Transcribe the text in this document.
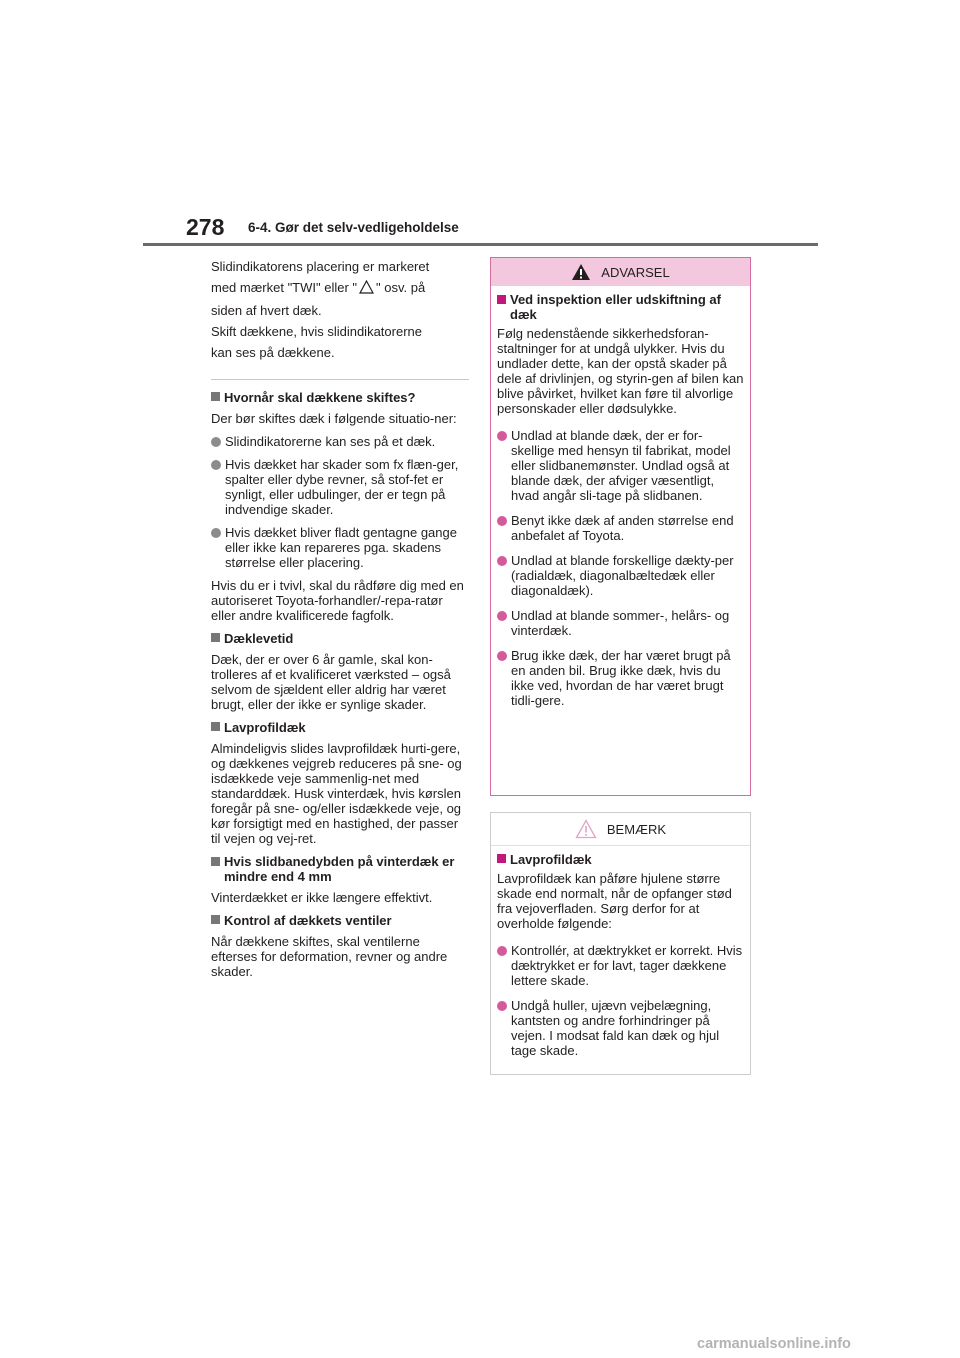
278 6-4. Gør det selv-vedligeholdelse

Slidindikatorens placering er markeret

med mærket "TWI" eller " " osv. på

siden af hvert dæk.

Skift dækkene, hvis slidindikatorerne

kan ses på dækkene.

Hvornår skal dækkene skiftes?

Der bør skiftes dæk i følgende situatio-ner:

Slidindikatorerne kan ses på et dæk.
Hvis dækket har skader som fx flæn-ger, spalter eller dybe revner, så stof-fet er synligt, eller udbulinger, der er tegn på indvendige skader.
Hvis dækket bliver fladt gentagne gange eller ikke kan repareres pga. skadens størrelse eller placering.

Hvis du er i tvivl, skal du rådføre dig med en autoriseret Toyota-forhandler/-repa-ratør eller andre kvalificerede fagfolk.

Dæklevetid

Dæk, der er over 6 år gamle, skal kon-trolleres af et kvalificeret værksted – også selvom de sjældent eller aldrig har været brugt, eller der ikke er synlige skader.

Lavprofildæk

Almindeligvis slides lavprofildæk hurti-gere, og dækkenes vejgreb reduceres på sne- og isdækkede veje sammenlig-net med standarddæk. Husk vinterdæk, hvis kørslen foregår på sne- og/eller isdækkede veje, og kør forsigtigt med en hastighed, der passer til vejen og vej-ret.

Hvis slidbanedybden på vinterdæk er mindre end 4 mm

Vinterdækket er ikke længere effektivt.

Kontrol af dækkets ventiler

Når dækkene skiftes, skal ventilerne efterses for deformation, revner og andre skader.

ADVARSEL
Ved inspektion eller udskiftning af dæk

Følg nedenstående sikkerhedsforan-staltninger for at undgå ulykker. Hvis du undlader dette, kan der opstå skader på dele af drivlinjen, og styrin-gen af bilen kan blive påvirket, hvilket kan føre til alvorlige personskader eller dødsulykke.

Undlad at blande dæk, der er for-skellige med hensyn til fabrikat, model eller slidbanemønster. Undlad også at blande dæk, der afviger væsentligt, hvad angår sli-tage på slidbanen.
Benyt ikke dæk af anden størrelse end anbefalet af Toyota.
Undlad at blande forskellige dækty-per (radialdæk, diagonalbæltedæk eller diagonaldæk).
Undlad at blande sommer-, helårs- og vinterdæk.
Brug ikke dæk, der har været brugt på en anden bil. Brug ikke dæk, hvis du ikke ved, hvordan de har været brugt tidli-gere.
BEMÆRK
Lavprofildæk

Lavprofildæk kan påføre hjulene større skade end normalt, når de opfanger stød fra vejoverfladen. Sørg derfor for at overholde følgende:

Kontrollér, at dæktrykket er korrekt. Hvis dæktrykket er for lavt, tager dækkene lettere skade.
Undgå huller, ujævn vejbelægning, kantsten og andre forhindringer på vejen. I modsat fald kan dæk og hjul tage skade.
carmanualsonline.info
